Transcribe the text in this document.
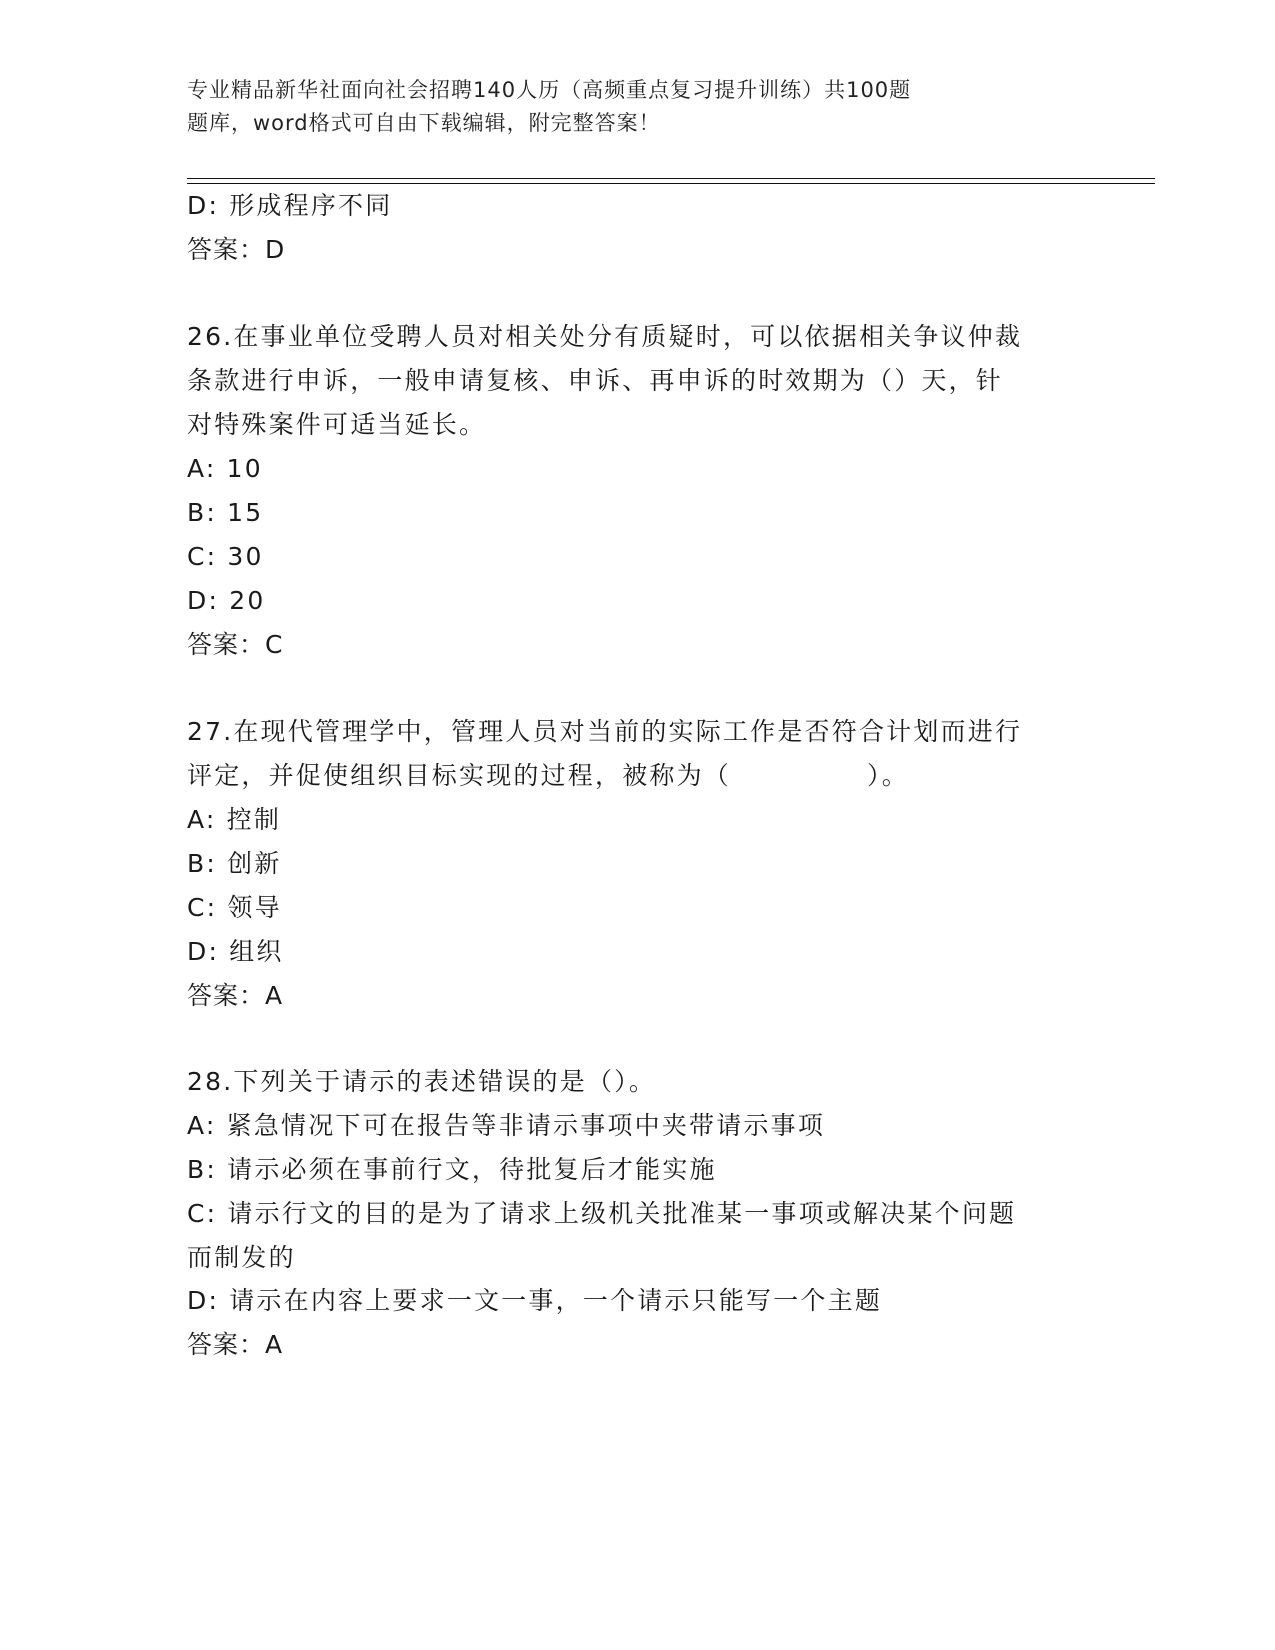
专业精品新华社面向社会招聘140人历（高频重点复习提升训练）共100题
题库，word格式可自由下载编辑，附完整答案！
D: 形成程序不同
答案：D
26.在事业单位受聘人员对相关处分有质疑时，可以依据相关争议仲裁
条款进行申诉，一般申请复核、申诉、再申诉的时效期为（）天，针
对特殊案件可适当延长。
A: 10
B: 15
C: 30
D: 20
答案：C
27.在现代管理学中，管理人员对当前的实际工作是否符合计划而进行
评定，并促使组织目标实现的过程，被称为（　　　　　）。
A: 控制
B: 创新
C: 领导
D: 组织
答案：A
28.下列关于请示的表述错误的是（）。
A: 紧急情况下可在报告等非请示事项中夹带请示事项
B: 请示必须在事前行文，待批复后才能实施
C: 请示行文的目的是为了请求上级机关批准某一事项或解决某个问题
而制发的
D: 请示在内容上要求一文一事，一个请示只能写一个主题
答案：A
